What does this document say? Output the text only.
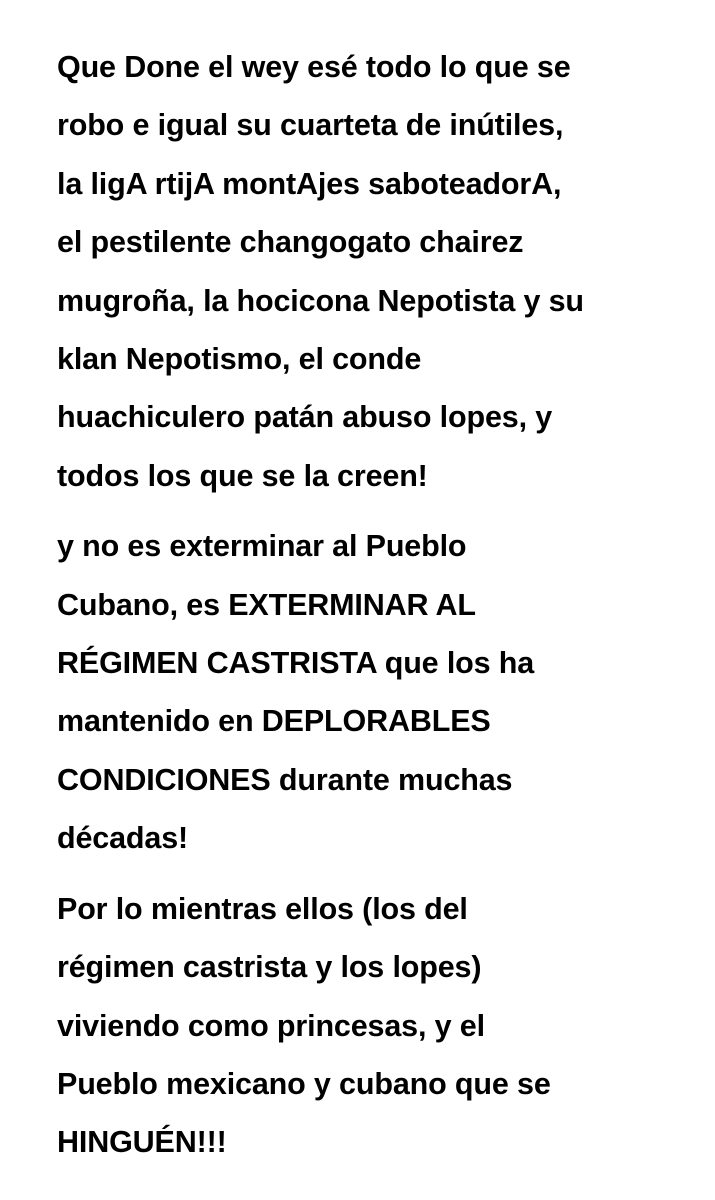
Que Done el wey esé todo lo que se
robo e igual su cuarteta de inútiles,
la ligA rtijA montAjes saboteadorA,
el pestilente changogato chairez
mugroña, la hocicona Nepotista y su
klan Nepotismo, el conde
huachiculero patán abuso lopes, y
todos los que se la creen!

y no es exterminar al Pueblo
Cubano, es EXTERMINAR AL
RÉGIMEN CASTRISTA que los ha
mantenido en DEPLORABLES
CONDICIONES durante muchas
décadas!

Por lo mientras ellos (los del
régimen castrista y los lopes)
viviendo como princesas, y el
Pueblo mexicano y cubano que se
HINGUÉN!!!
